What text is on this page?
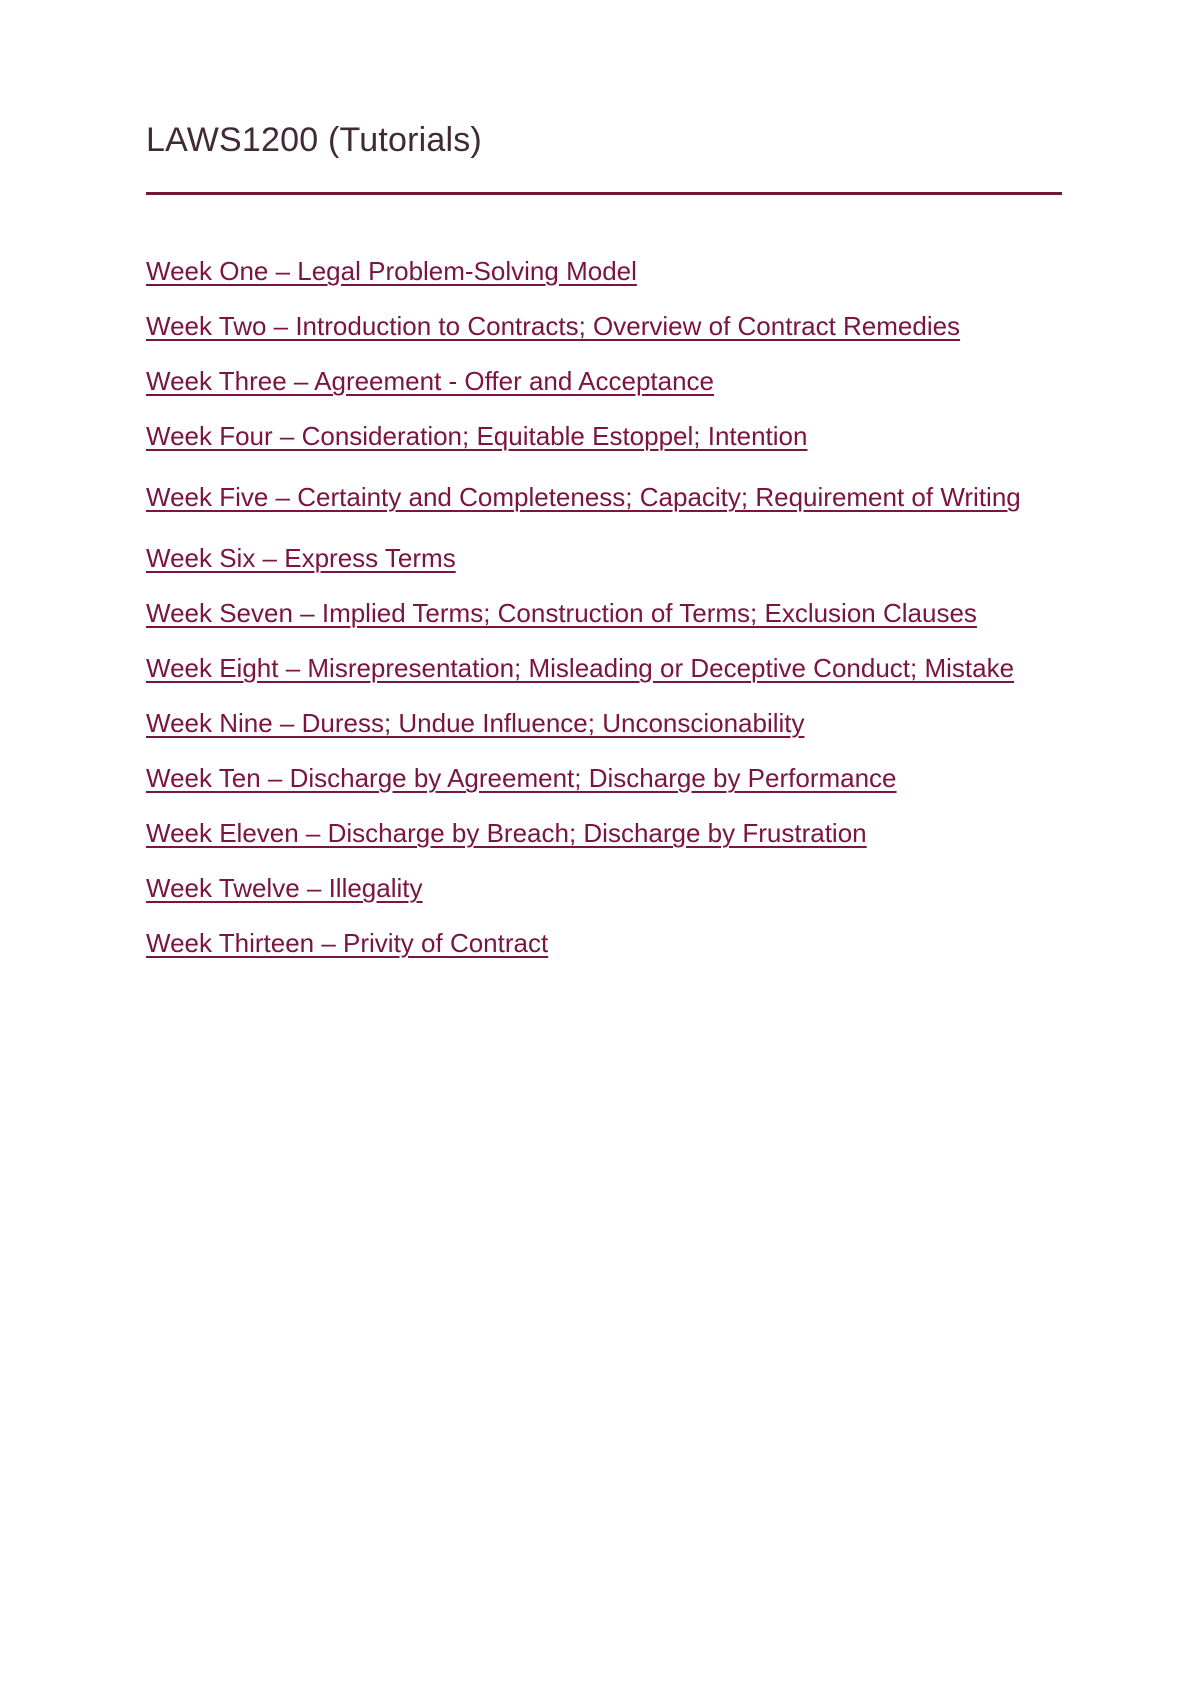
LAWS1200 (Tutorials)
Week One – Legal Problem-Solving Model
Week Two – Introduction to Contracts; Overview of Contract Remedies
Week Three – Agreement - Offer and Acceptance
Week Four – Consideration; Equitable Estoppel; Intention
Week Five – Certainty and Completeness; Capacity; Requirement of Writing
Week Six – Express Terms
Week Seven – Implied Terms; Construction of Terms; Exclusion Clauses
Week Eight – Misrepresentation; Misleading or Deceptive Conduct; Mistake
Week Nine – Duress; Undue Influence; Unconscionability
Week Ten – Discharge by Agreement; Discharge by Performance
Week Eleven – Discharge by Breach; Discharge by Frustration
Week Twelve – Illegality
Week Thirteen – Privity of Contract
